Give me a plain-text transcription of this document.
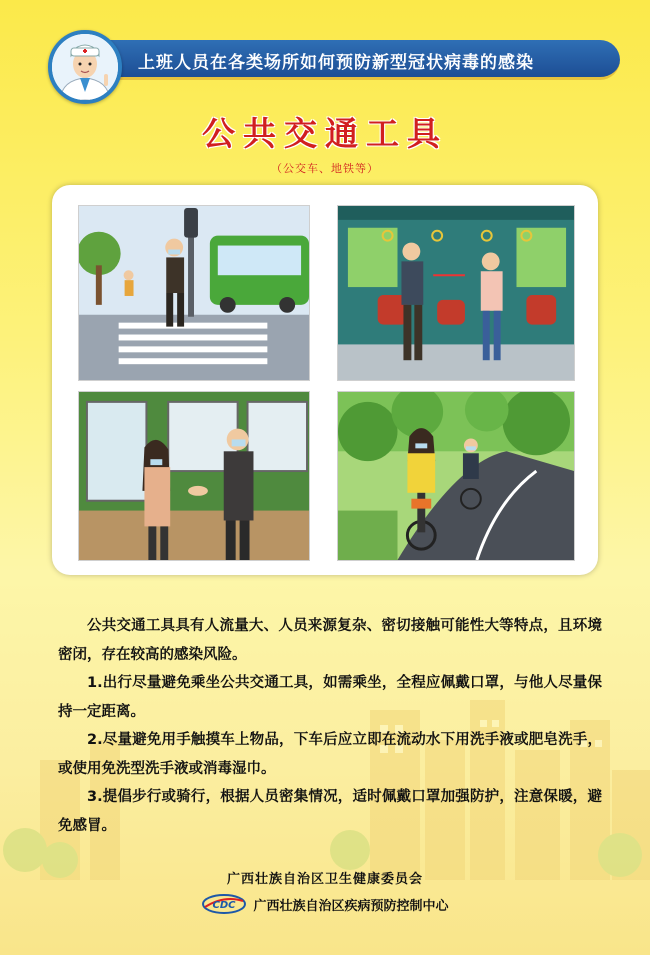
上班人员在各类场所如何预防新型冠状病毒的感染
公共交通工具
（公交车、地铁等）

公共交通工具具有人流量大、人员来源复杂、密切接触可能性大等特点，且环境密闭，存在较高的感染风险。

1.出行尽量避免乘坐公共交通工具，如需乘坐，全程应佩戴口罩，与他人尽量保持一定距离。

2.尽量避免用手触摸车上物品，下车后应立即在流动水下用洗手液或肥皂洗手，或使用免洗型洗手液或消毒湿巾。

3.提倡步行或骑行，根据人员密集情况，适时佩戴口罩加强防护，注意保暖，避免感冒。

广西壮族自治区卫生健康委员会
CDC 广西壮族自治区疾病预防控制中心
